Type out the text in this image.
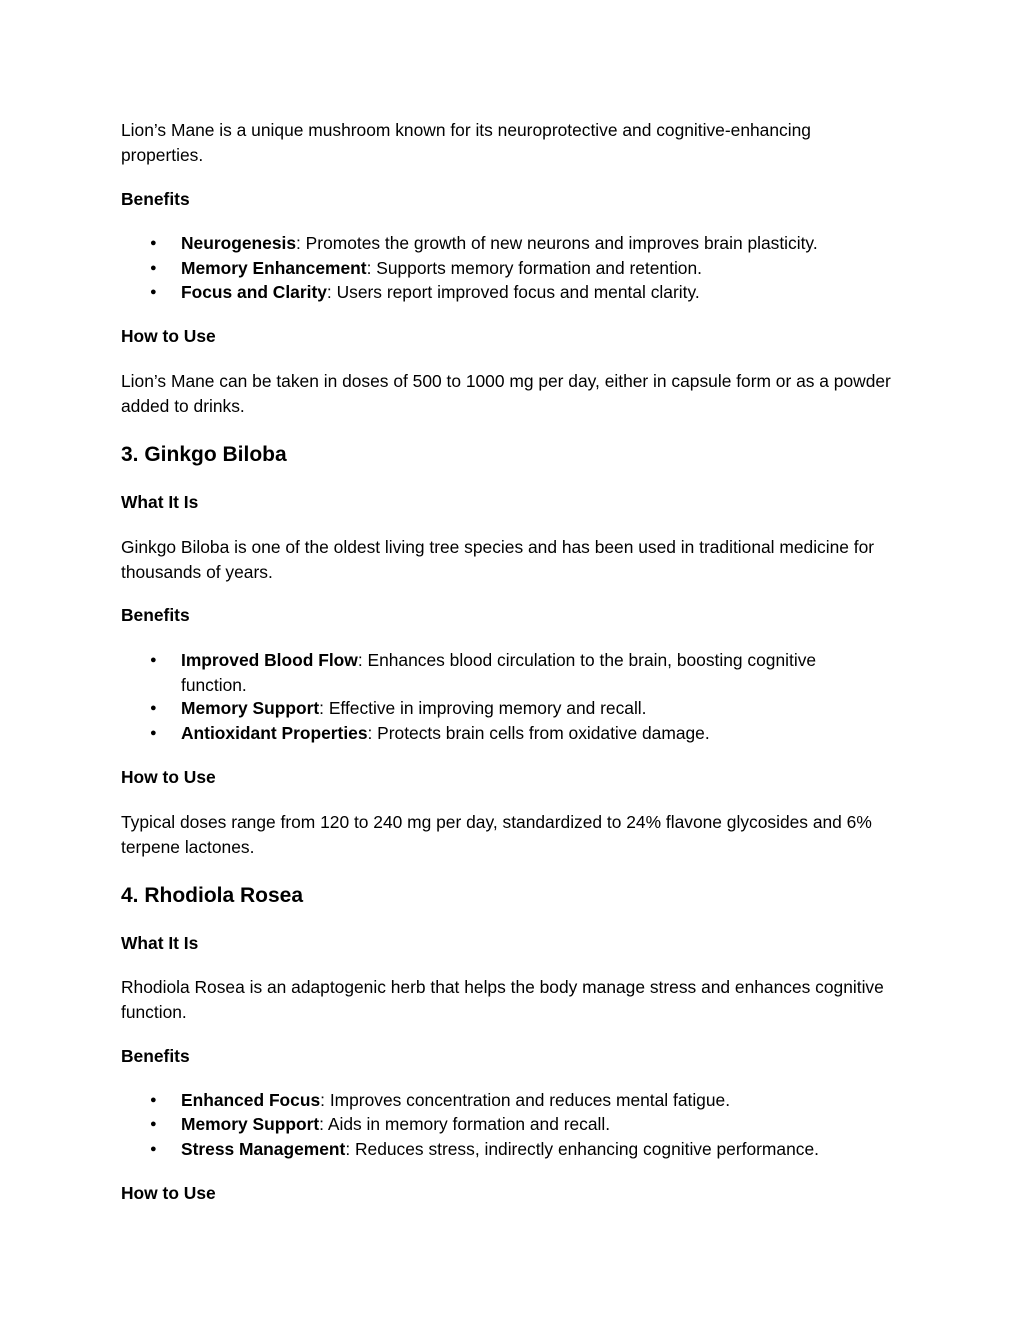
Lion’s Mane is a unique mushroom known for its neuroprotective and cognitive-enhancing properties.

Benefits

●	Neurogenesis: Promotes the growth of new neurons and improves brain plasticity.
●	Memory Enhancement: Supports memory formation and retention.
●	Focus and Clarity: Users report improved focus and mental clarity.

How to Use

Lion’s Mane can be taken in doses of 500 to 1000 mg per day, either in capsule form or as a powder added to drinks.

3. Ginkgo Biloba

What It Is

Ginkgo Biloba is one of the oldest living tree species and has been used in traditional medicine for thousands of years.

Benefits

●	Improved Blood Flow: Enhances blood circulation to the brain, boosting cognitive function.
●	Memory Support: Effective in improving memory and recall.
●	Antioxidant Properties: Protects brain cells from oxidative damage.

How to Use

Typical doses range from 120 to 240 mg per day, standardized to 24% flavone glycosides and 6% terpene lactones.

4. Rhodiola Rosea

What It Is

Rhodiola Rosea is an adaptogenic herb that helps the body manage stress and enhances cognitive function.

Benefits

●	Enhanced Focus: Improves concentration and reduces mental fatigue.
●	Memory Support: Aids in memory formation and recall.
●	Stress Management: Reduces stress, indirectly enhancing cognitive performance.

How to Use
